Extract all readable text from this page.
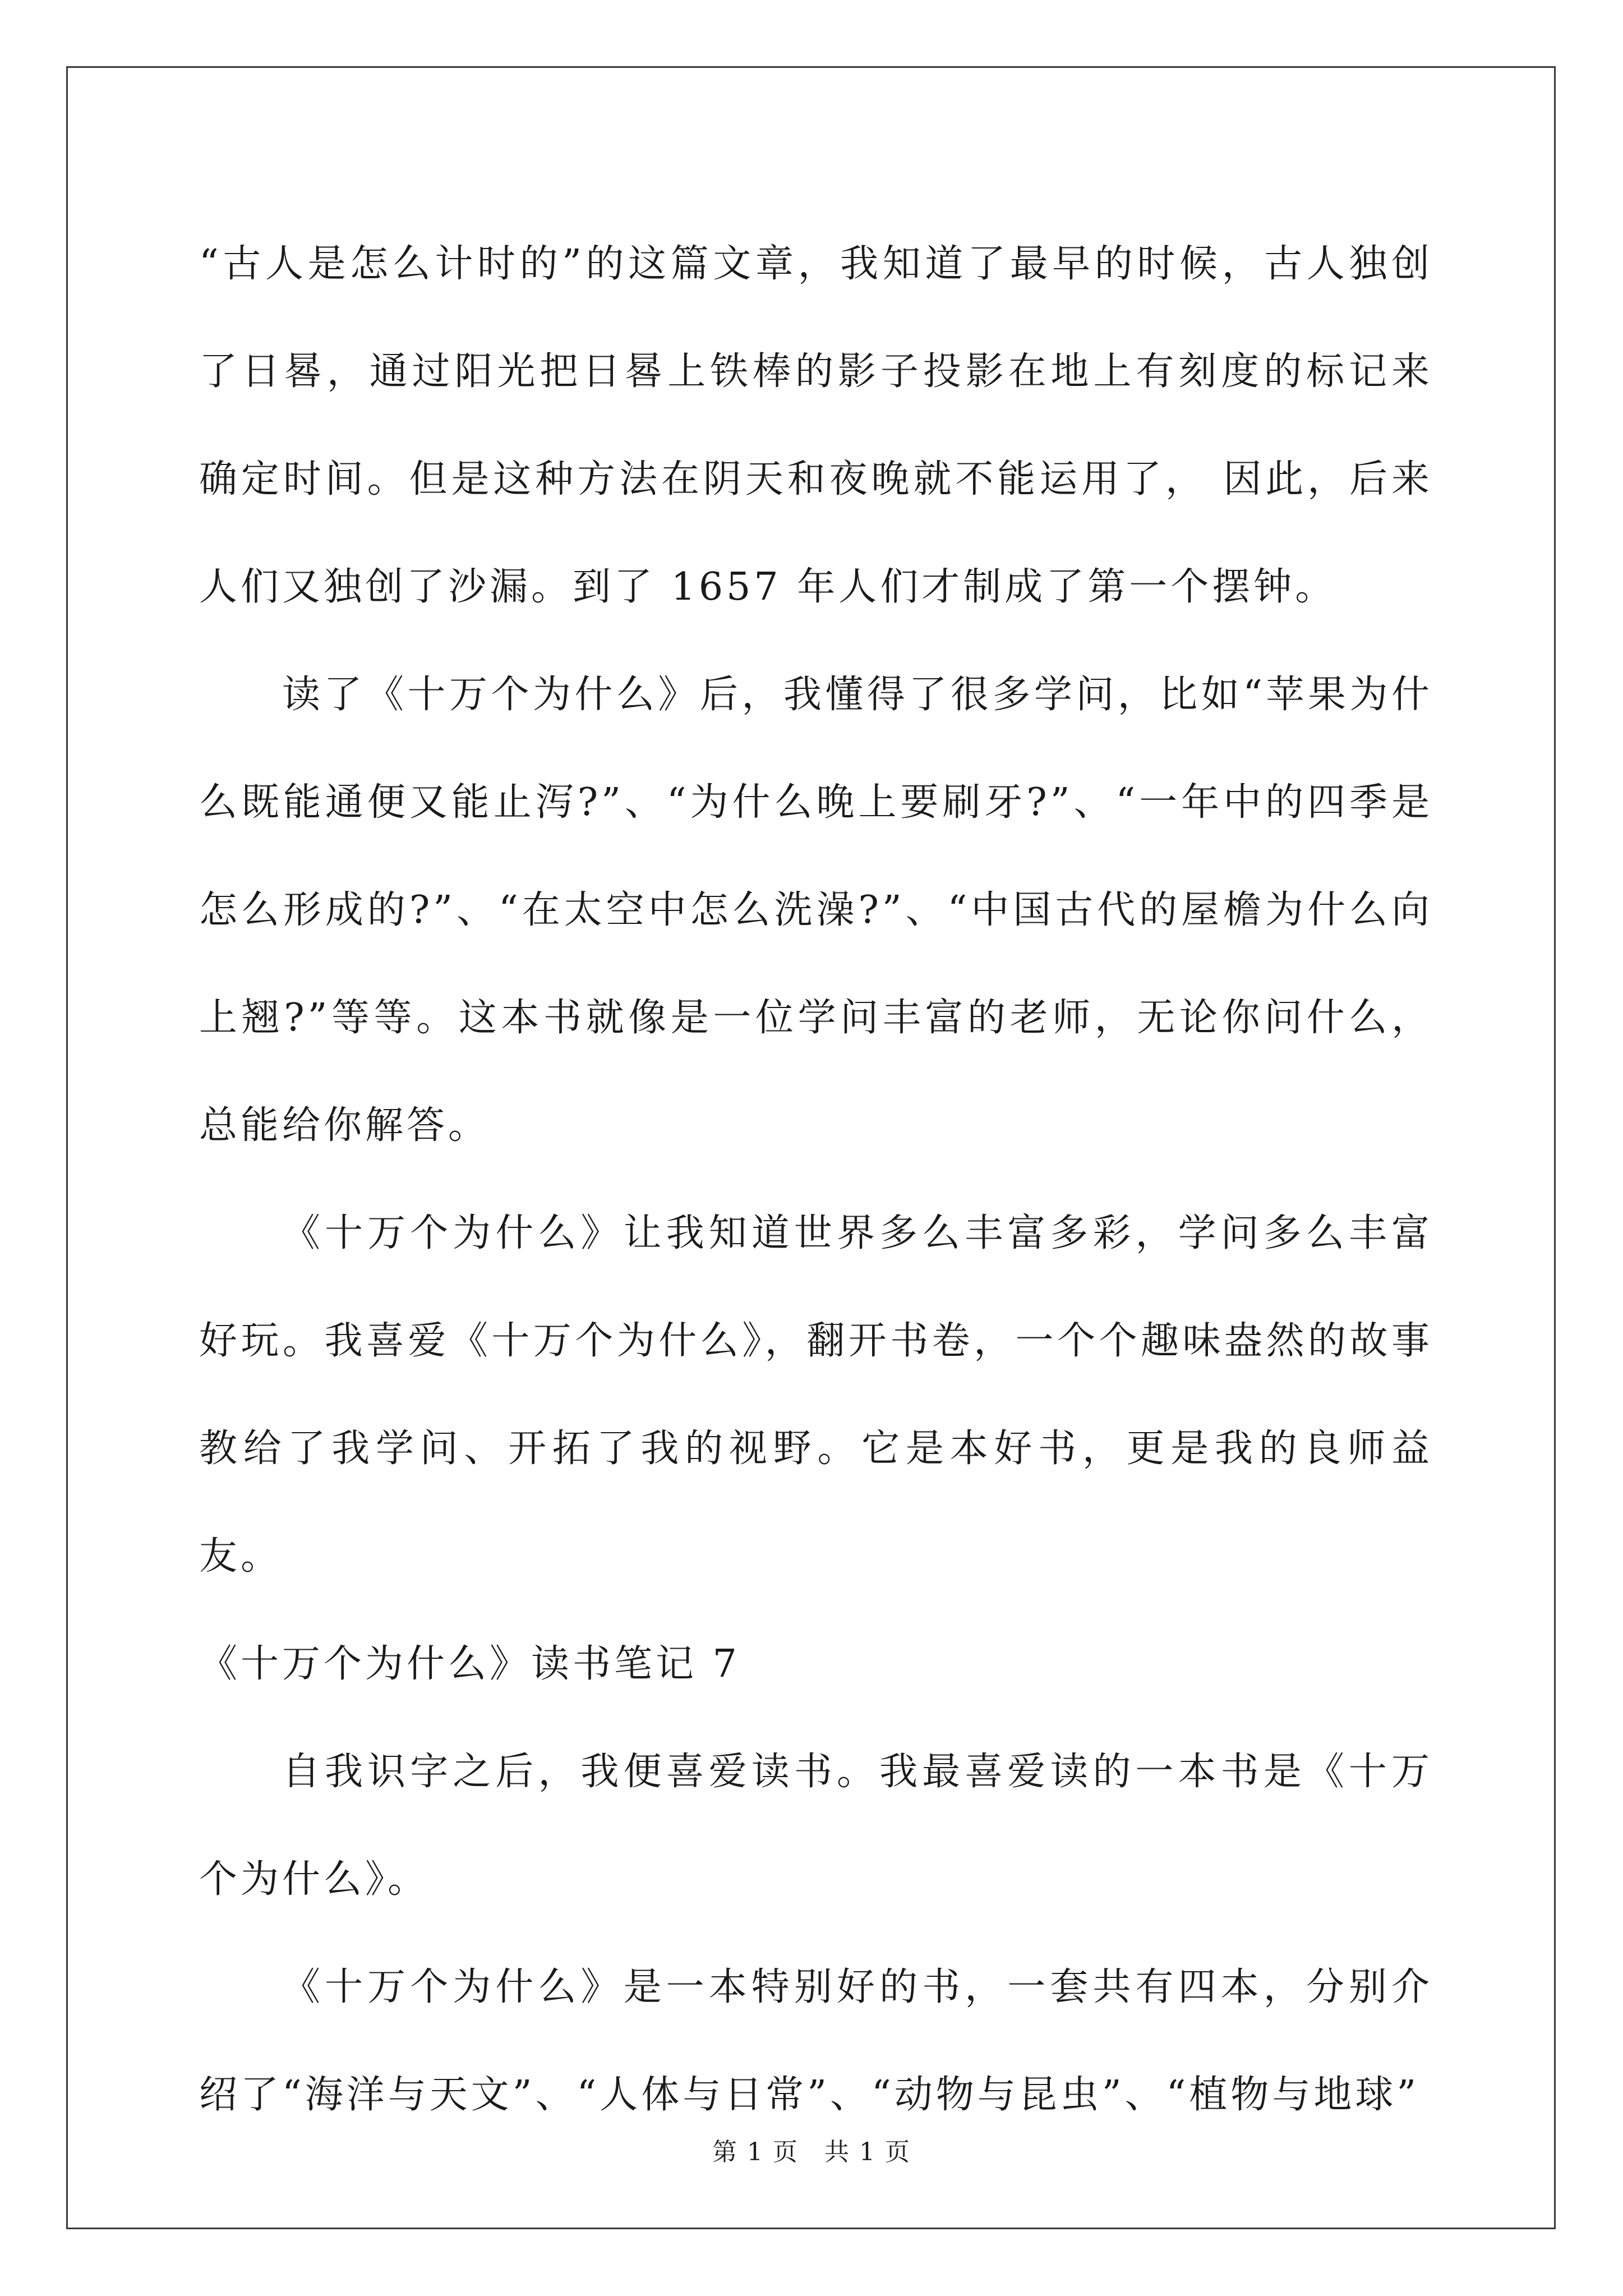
“古人是怎么计时的”的这篇文章，我知道了最早的时候，古人独创了日晷，通过阳光把日晷上铁棒的影子投影在地上有刻度的标记来确定时间。但是这种方法在阴天和夜晚就不能运用了， 因此，后来人们又独创了沙漏。到了 1657 年人们才制成了第一个摆钟。

读了《十万个为什么》后，我懂得了很多学问，比如“苹果为什么既能通便又能止泻?”、“为什么晚上要刷牙?”、“一年中的四季是怎么形成的?”、“在太空中怎么洗澡?”、“中国古代的屋檐为什么向上翘?”等等。这本书就像是一位学问丰富的老师，无论你问什么，总能给你解答。

《十万个为什么》让我知道世界多么丰富多彩，学问多么丰富好玩。我喜爱《十万个为什么》，翻开书卷，一个个趣味盎然的故事教给了我学问、开拓了我的视野。它是本好书，更是我的良师益友。

《十万个为什么》读书笔记 7

自我识字之后，我便喜爱读书。我最喜爱读的一本书是《十万个为什么》。

《十万个为什么》是一本特别好的书，一套共有四本，分别介绍了“海洋与天文”、“人体与日常”、“动物与昆虫”、“植物与地球”

第 1 页　共 1 页
